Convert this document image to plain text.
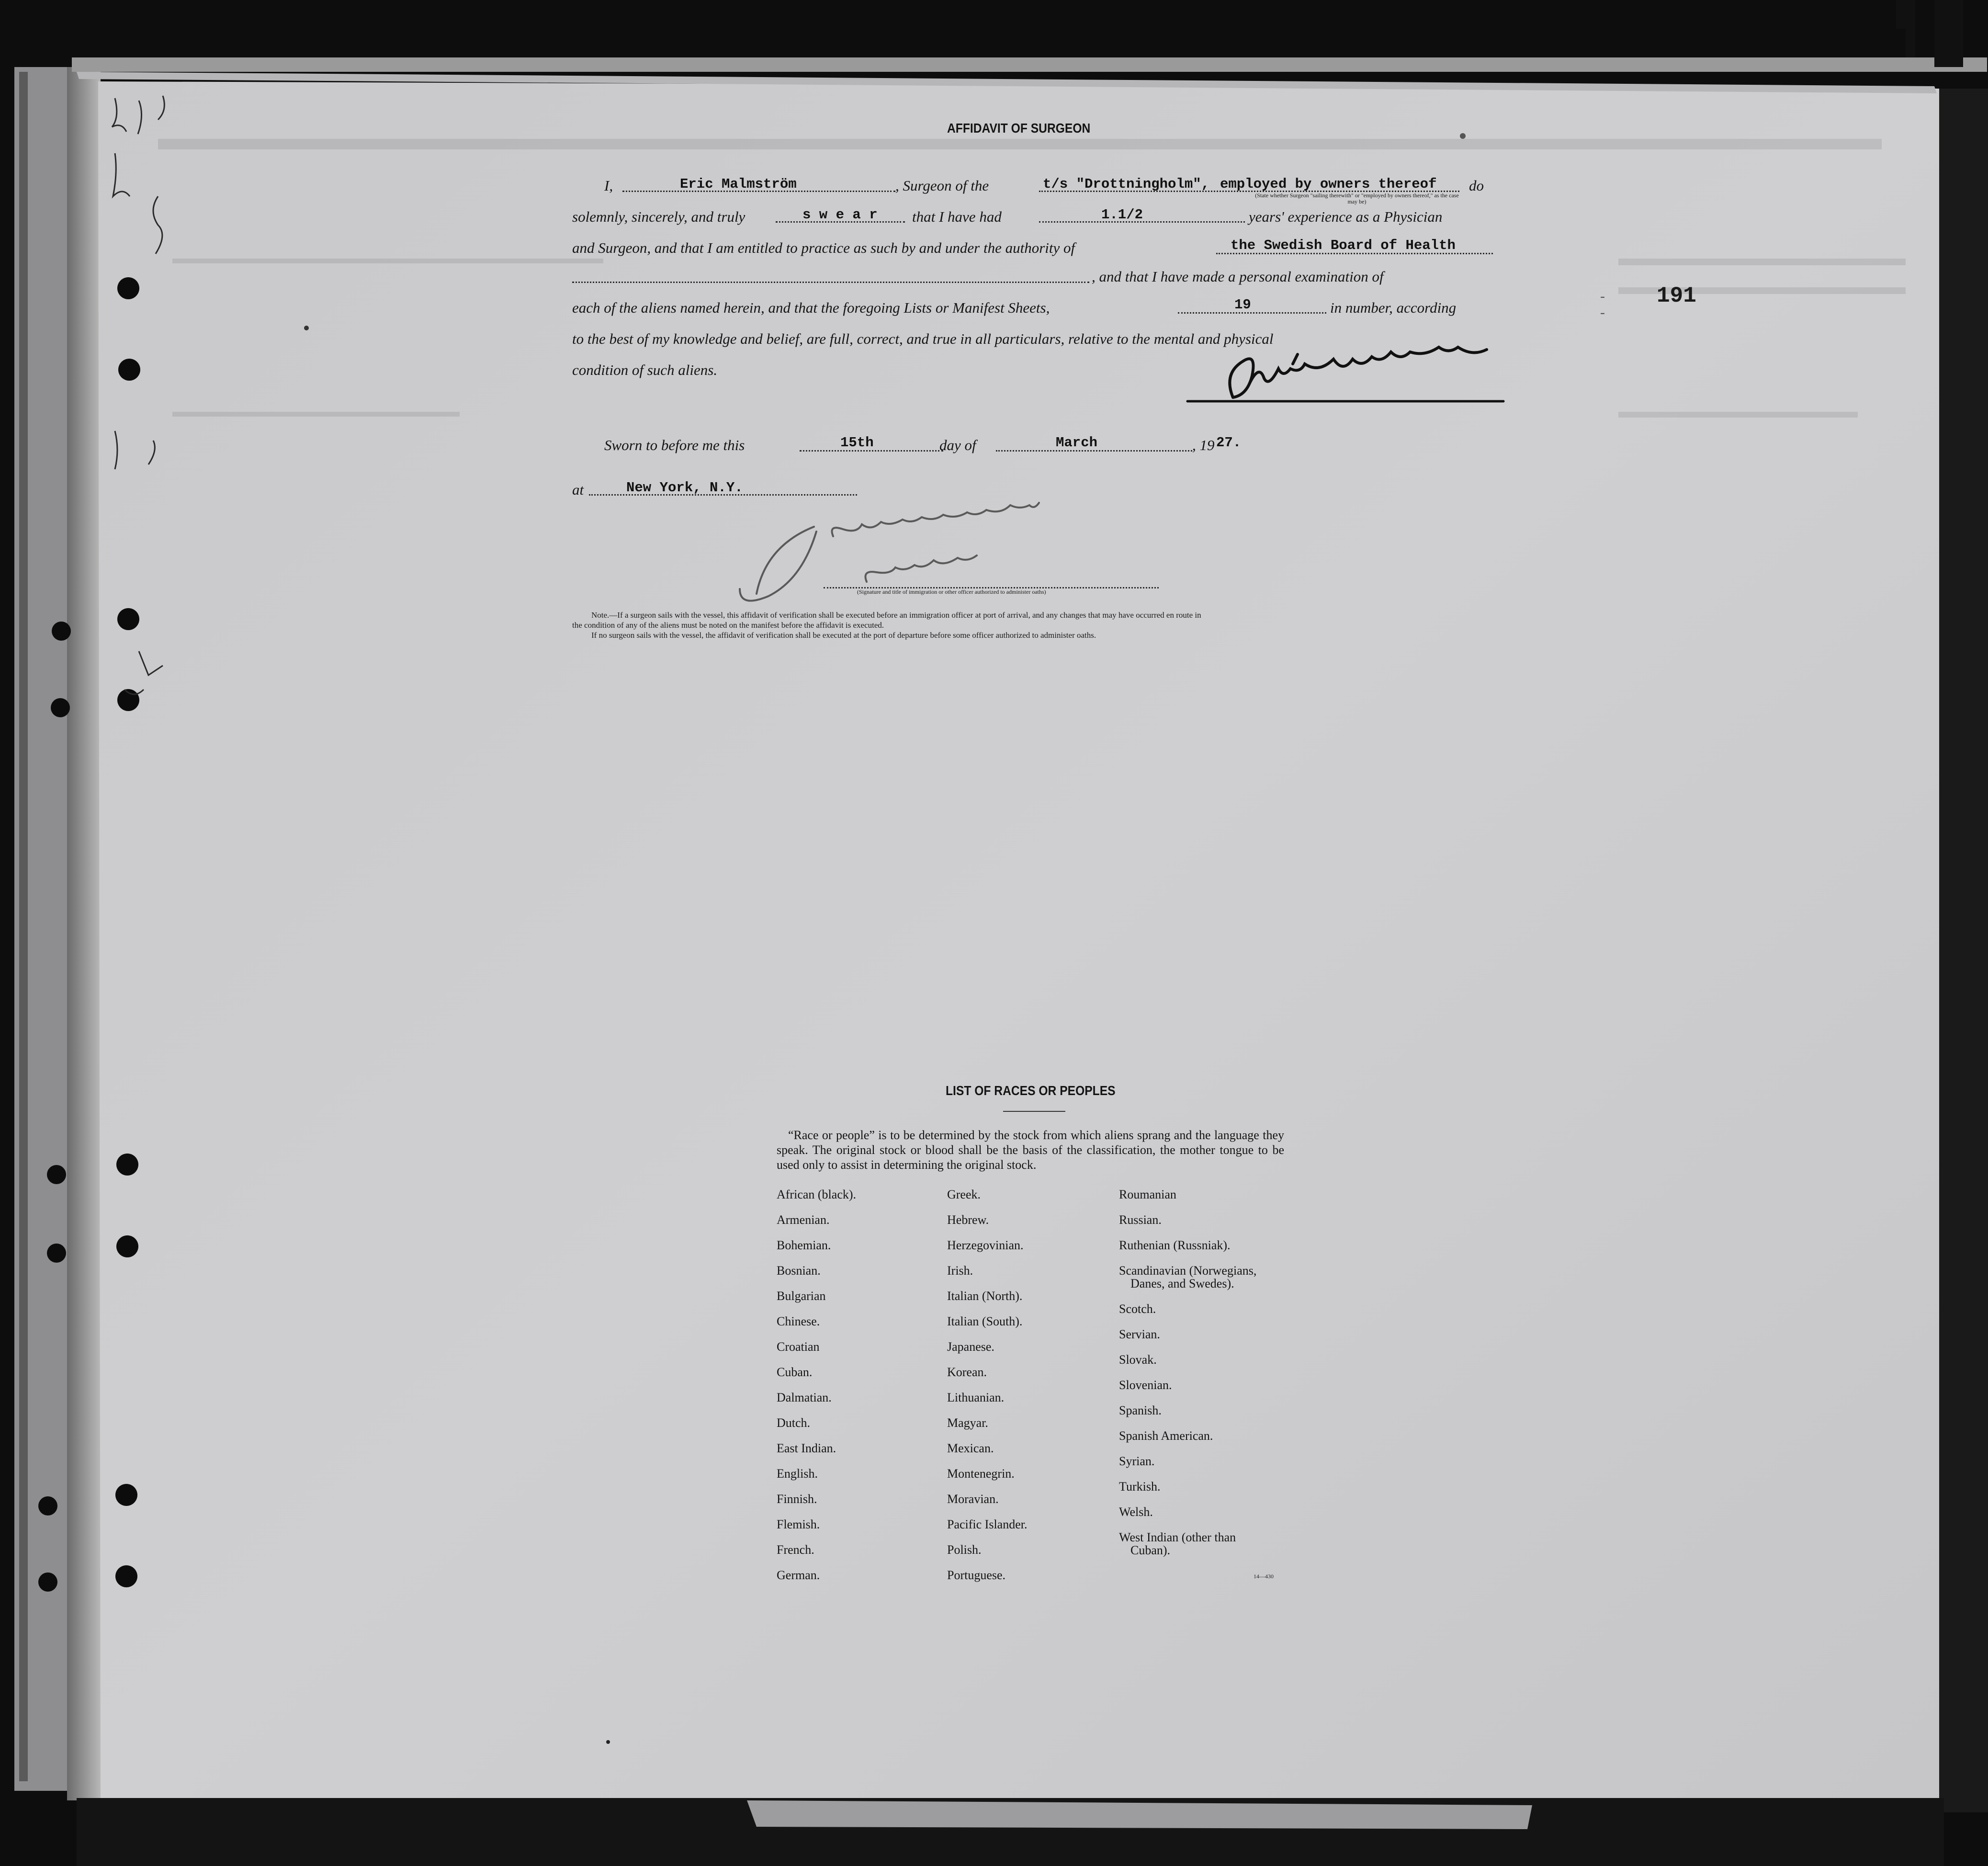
AFFIDAVIT OF SURGEON
I,	Eric Malmström	, Surgeon of the	t/s "Drottningholm", employed by owners thereof do
(State whether Surgeon "sailing therewith" or "employed by owners thereof," as the case may be)
solemnly, sincerely, and truly	s w e a r that I have had	1.1/2	years' experience as a Physician
and Surgeon, and that I am entitled to practice as such by and under the authority of	the Swedish Board of Health
, and that I have made a personal examination of
each of the aliens named herein, and that the foregoing Lists or Manifest Sheets,	19	in number, according
to the best of my knowledge and belief, are full, correct, and true in all particulars, relative to the mental and physical
condition of such aliens.
Sworn to before me this	15th	day of	March	, 19 27.
at	New York, N.Y.
(Signature and title of immigration or other officer authorized to administer oaths)
Note.—If a surgeon sails with the vessel, this affidavit of verification shall be executed before an immigration officer at port of arrival, and any changes that may have occurred en route in
the condition of any of the aliens must be noted on the manifest before the affidavit is executed.
If no surgeon sails with the vessel, the affidavit of verification shall be executed at the port of departure before some officer authorized to administer oaths.
191
-
-
LIST OF RACES OR PEOPLES
“Race or people” is to be determined by the stock from which aliens sprang and the language they speak. The original stock or blood shall be the basis of the classification, the mother tongue to be used only to assist in determining the original stock.
African (black).
Armenian.
Bohemian.
Bosnian.
Bulgarian
Chinese.
Croatian
Cuban.
Dalmatian.
Dutch.
East Indian.
English.
Finnish.
Flemish.
French.
German.
Greek.
Hebrew.
Herzegovinian.
Irish.
Italian (North).
Italian (South).
Japanese.
Korean.
Lithuanian.
Magyar.
Mexican.
Montenegrin.
Moravian.
Pacific Islander.
Polish.
Portuguese.
Roumanian
Russian.
Ruthenian (Russniak).
Scandinavian (Norwegians,
Danes, and Swedes).
Scotch.
Servian.
Slovak.
Slovenian.
Spanish.
Spanish American.
Syrian.
Turkish.
Welsh.
West Indian (other than
Cuban).
14—430
